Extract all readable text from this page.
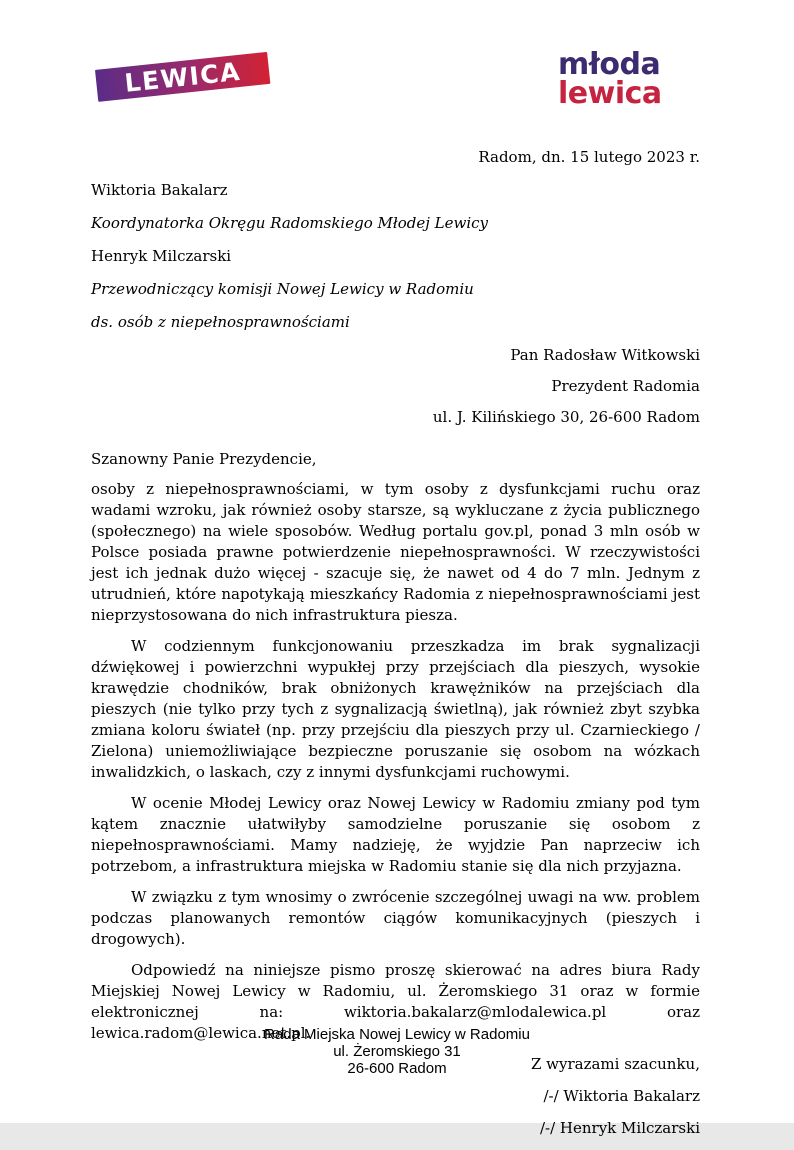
LEWICA	młoda
lewica
Radom, dn. 15 lutego 2023 r.
Wiktoria Bakalarz
Koordynatorka Okręgu Radomskiego Młodej Lewicy
Henryk Milczarski
Przewodniczący komisji Nowej Lewicy w Radomiu
ds. osób z niepełnosprawnościami
Pan Radosław Witkowski
Prezydent Radomia
ul. J. Kilińskiego 30, 26-600 Radom
Szanowny Panie Prezydencie,

osoby z niepełnosprawnościami, w tym osoby z dysfunkcjami ruchu oraz wadami wzroku, jak również osoby starsze, są wykluczane z życia publicznego (społecznego) na wiele sposobów. Według portalu gov.pl, ponad 3 mln osób w Polsce posiada prawne potwierdzenie niepełnosprawności. W rzeczywistości jest ich jednak dużo więcej - szacuje się, że nawet od 4 do 7 mln. Jednym z utrudnień, które napotykają mieszkańcy Radomia z niepełnosprawnościami jest nieprzystosowana do nich infrastruktura piesza.

W codziennym funkcjonowaniu przeszkadza im brak sygnalizacji dźwiękowej i powierzchni wypukłej przy przejściach dla pieszych, wysokie krawędzie chodników, brak obniżonych krawężników na przejściach dla pieszych (nie tylko przy tych z sygnalizacją świetlną), jak również zbyt szybka zmiana koloru świateł (np. przy przejściu dla pieszych przy ul. Czarnieckiego / Zielona) uniemożliwiające bezpieczne poruszanie się osobom na wózkach inwalidzkich, o laskach, czy z innymi dysfunkcjami ruchowymi.

W ocenie Młodej Lewicy oraz Nowej Lewicy w Radomiu zmiany pod tym kątem znacznie ułatwiłyby samodzielne poruszanie się osobom z niepełnosprawnościami. Mamy nadzieję, że wyjdzie Pan naprzeciw ich potrzebom, a infrastruktura miejska w Radomiu stanie się dla nich przyjazna.

W związku z tym wnosimy o zwrócenie szczególnej uwagi na ww. problem podczas planowanych remontów ciągów komunikacyjnych (pieszych i drogowych).

Odpowiedź na niniejsze pismo proszę skierować na adres biura Rady Miejskiej Nowej Lewicy w Radomiu, ul. Żeromskiego 31 oraz w formie elektronicznej na: wiktoria.bakalarz@mlodalewica.pl oraz lewica.radom@lewica.net.pl.

Z wyrazami szacunku,
/-/ Wiktoria Bakalarz
/-/ Henryk Milczarski
Rada Miejska Nowej Lewicy w Radomiu
ul. Żeromskiego 31
26-600 Radom
